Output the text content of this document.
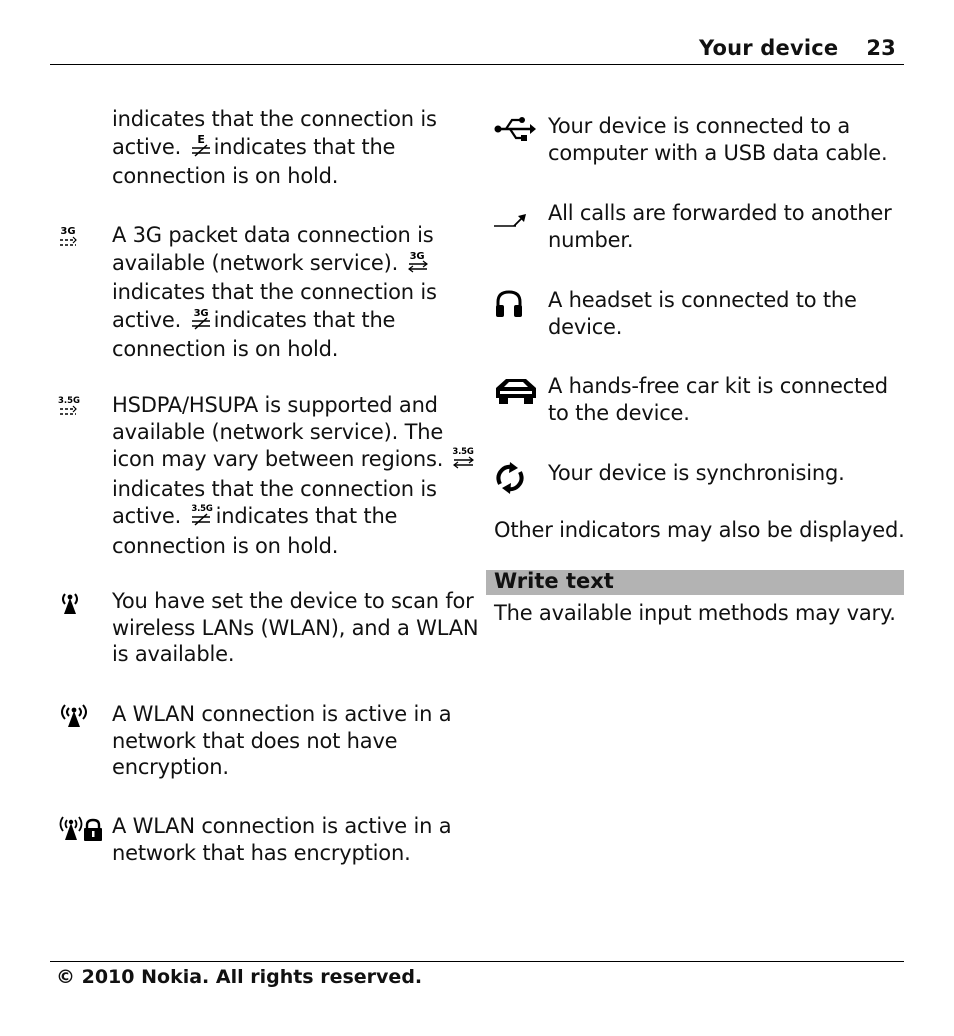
Your device 23
indicates that the connection is
active. E indicates that the
connection is on hold.
3G A 3G packet data connection is
available (network service). 3G
indicates that the connection is
active. 3G indicates that the
connection is on hold.
3.5G HSDPA/HSUPA is supported and
available (network service). The
icon may vary between regions. 3.5G
indicates that the connection is
active. 3.5G indicates that the
connection is on hold.
You have set the device to scan for
wireless LANs (WLAN), and a WLAN
is available.
A WLAN connection is active in a
network that does not have
encryption.
A WLAN connection is active in a
network that has encryption.
Your device is connected to a
computer with a USB data cable.
All calls are forwarded to another
number.
A headset is connected to the
device.
A hands-free car kit is connected
to the device.
Your device is synchronising.
Other indicators may also be displayed.
Write text
The available input methods may vary.
© 2010 Nokia. All rights reserved.
